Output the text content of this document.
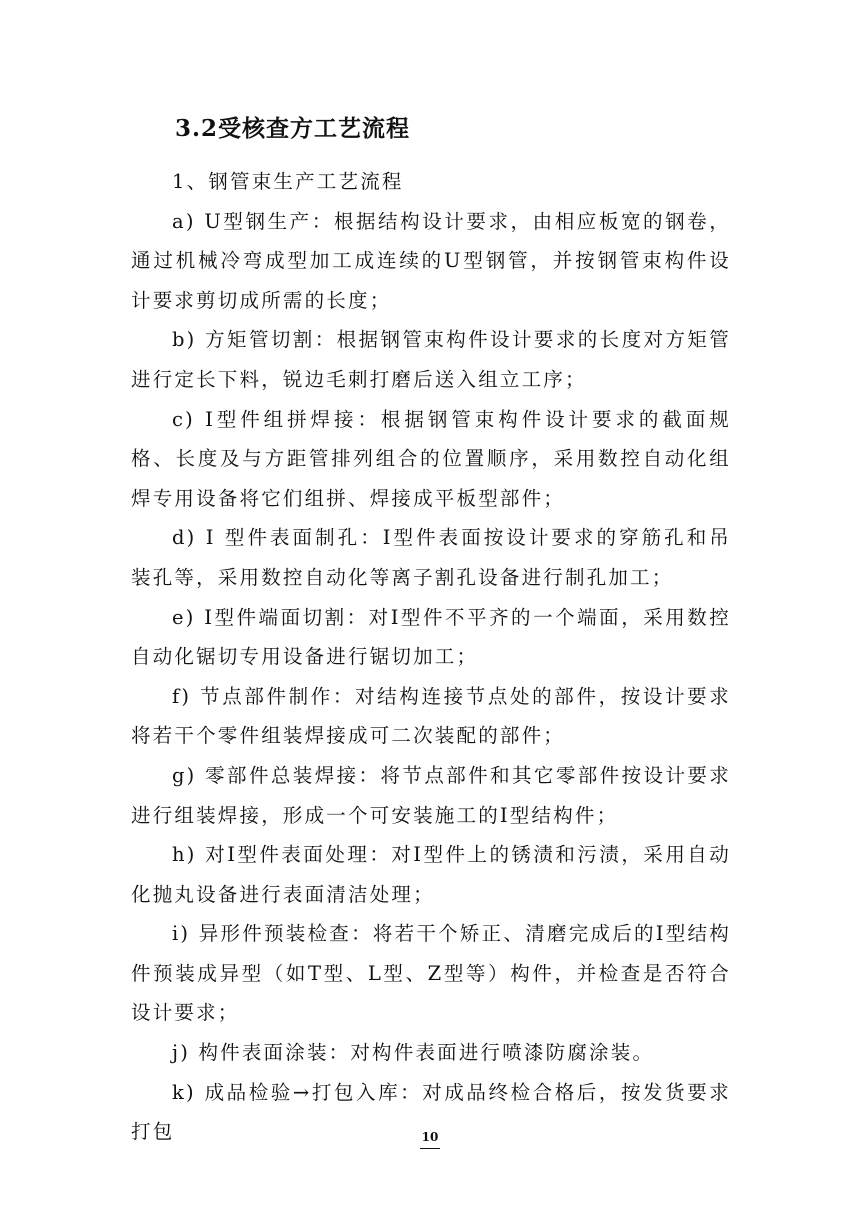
3.2受核查方工艺流程

1、钢管束生产工艺流程

a) U型钢生产：根据结构设计要求，由相应板宽的钢卷，通过机械冷弯成型加工成连续的U型钢管，并按钢管束构件设计要求剪切成所需的长度；

b) 方矩管切割：根据钢管束构件设计要求的长度对方矩管进行定长下料，锐边毛刺打磨后送入组立工序；

c) I型件组拼焊接：根据钢管束构件设计要求的截面规格、长度及与方距管排列组合的位置顺序，采用数控自动化组焊专用设备将它们组拼、焊接成平板型部件；

d) I 型件表面制孔：I型件表面按设计要求的穿筋孔和吊装孔等，采用数控自动化等离子割孔设备进行制孔加工；

e) I型件端面切割：对I型件不平齐的一个端面，采用数控自动化锯切专用设备进行锯切加工；

f) 节点部件制作：对结构连接节点处的部件，按设计要求将若干个零件组装焊接成可二次装配的部件；

g) 零部件总装焊接：将节点部件和其它零部件按设计要求进行组装焊接，形成一个可安装施工的I型结构件；

h) 对I型件表面处理：对I型件上的锈渍和污渍，采用自动化抛丸设备进行表面清洁处理；

i) 异形件预装检查：将若干个矫正、清磨完成后的I型结构件预装成异型（如T型、L型、Z型等）构件，并检查是否符合设计要求；

j) 构件表面涂装：对构件表面进行喷漆防腐涂装。

k) 成品检验→打包入库：对成品终检合格后，按发货要求打包	10
